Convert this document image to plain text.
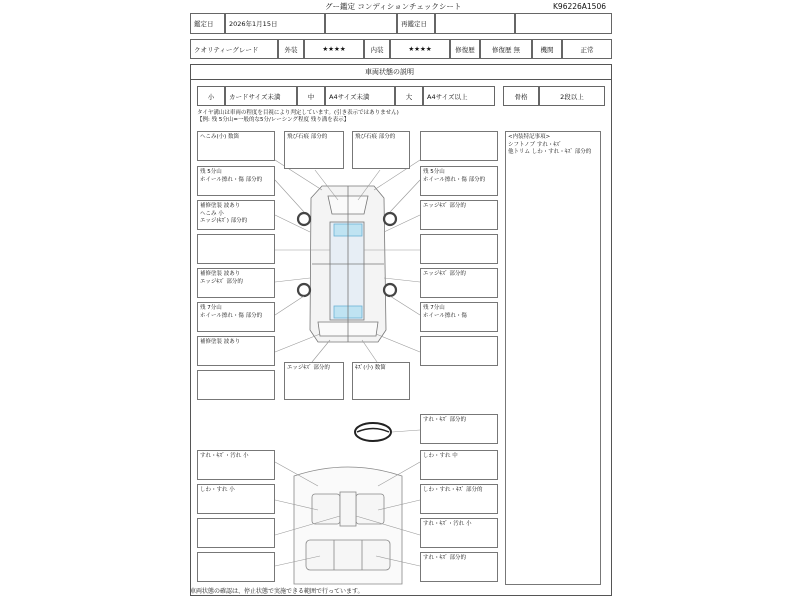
グー鑑定 コンディションチェックシート	K96226A1506
鑑定日	2026年1月15日	再鑑定日
クオリティーグレード	外装	★★★★	内装	★★★★	修復歴	修復歴 無	機関	正常
車両状態の説明
小	カードサイズ未満	中	A4サイズ未満	大	A4サイズ以上	骨格	2段以上
タイヤ溝山は車両の程度を目視により判定しています。(引き表示ではありません)
【例: 残 5分山=一般的な5分/レーシング程度 残り溝を表示】
<内装特記事項>
シフトノブ すれ・ｷｽﾞ
他トリム しわ・すれ・ｷｽﾞ 部分的
へこみ(小) 数箇
残 5分山
ホイール擦れ・傷 部分的
補修塗装 波あり
へこみ 小
エッジ(ｷｽﾞ) 部分的
補修塗装 波あり
エッジｷｽﾞ 部分的
残 7分山
ホイール擦れ・傷 部分的
補修塗装 波あり
飛び石痕 部分的	飛び石痕 部分的
残 5分山
ホイール擦れ・傷 部分的
エッジｷｽﾞ 部分的
エッジｷｽﾞ 部分的
残 7分山
ホイール擦れ・傷
エッジｷｽﾞ 部分的	ｷｽﾞ(小) 数箇
すれ・ｷｽﾞ 部分的
すれ・ｷｽﾞ・汚れ 小	しわ・すれ 中
しわ・すれ 小	しわ・すれ・ｷｽﾞ 部分的
すれ・ｷｽﾞ・汚れ 小
すれ・ｷｽﾞ 部分的
車両状態の確認は、停止状態で実施できる範囲で行っています。
